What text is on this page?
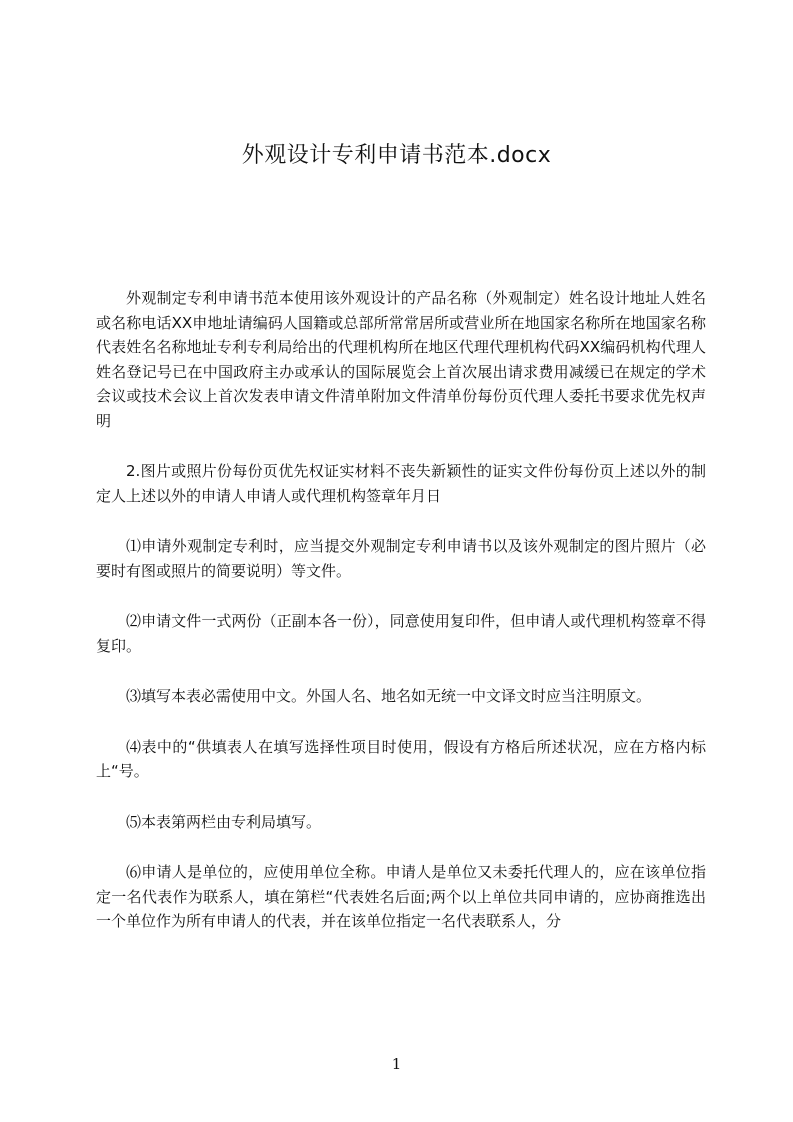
外观设计专利申请书范本.docx

外观制定专利申请书范本使用该外观设计的产品名称（外观制定）姓名设计地址人姓名或名称电话XX申地址请编码人国籍或总部所常常居所或营业所在地国家名称所在地国家名称代表姓名名称地址专利专利局给出的代理机构所在地区代理代理机构代码XX编码机构代理人姓名登记号已在中国政府主办或承认的国际展览会上首次展出请求费用减缓已在规定的学术会议或技术会议上首次发表申请文件清单附加文件清单份每份页代理人委托书要求优先权声明

2.图片或照片份每份页优先权证实材料不丧失新颖性的证实文件份每份页上述以外的制定人上述以外的申请人申请人或代理机构签章年月日

⑴申请外观制定专利时，应当提交外观制定专利申请书以及该外观制定的图片照片（必要时有图或照片的简要说明）等文件。

⑵申请文件一式两份（正副本各一份），同意使用复印件，但申请人或代理机构签章不得复印。

⑶填写本表必需使用中文。外国人名、地名如无统一中文译文时应当注明原文。

⑷表中的“供填表人在填写选择性项目时使用，假设有方格后所述状况，应在方格内标上“号。

⑸本表第两栏由专利局填写。

⑹申请人是单位的，应使用单位全称。申请人是单位又未委托代理人的，应在该单位指定一名代表作为联系人，填在第栏“代表姓名后面;两个以上单位共同申请的，应协商推选出一个单位作为所有申请人的代表，并在该单位指定一名代表联系人，分

1
